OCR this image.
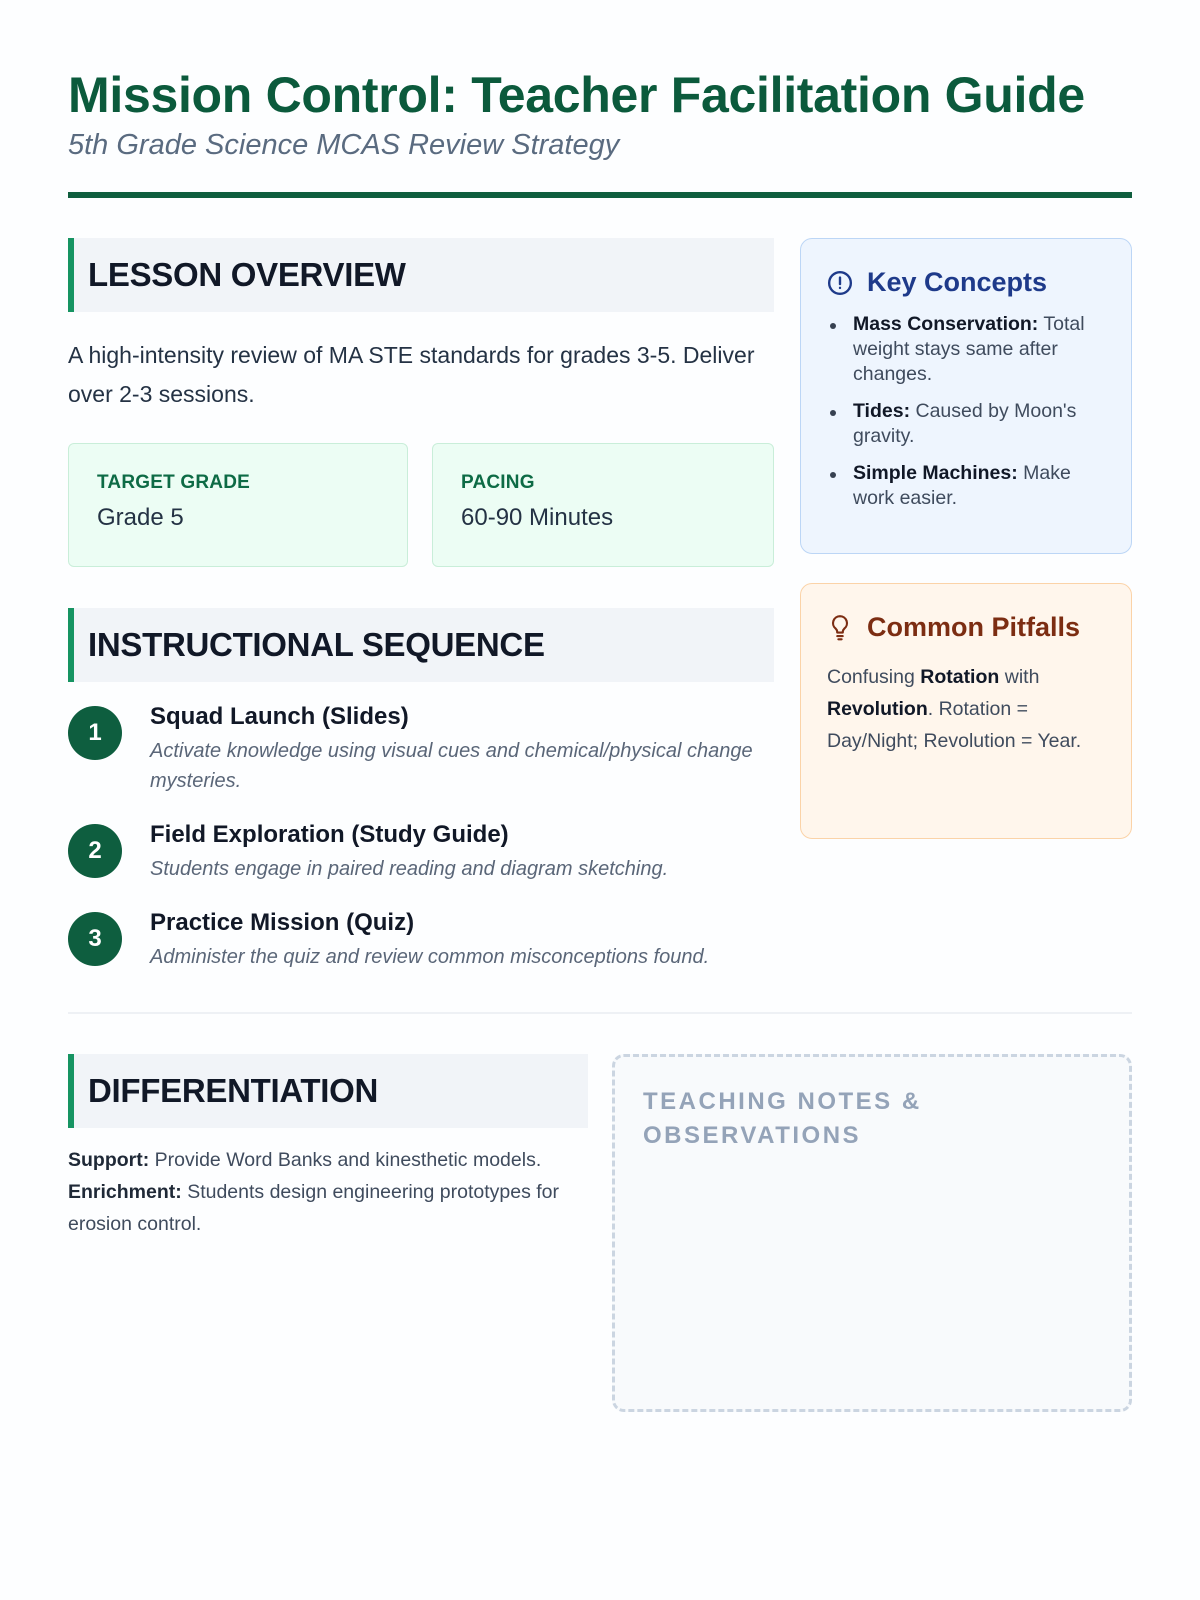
Mission Control: Teacher Facilitation Guide
5th Grade Science MCAS Review Strategy
LESSON OVERVIEW

A high-intensity review of MA STE standards for grades 3-5. Deliver over 2-3 sessions.

TARGET GRADE
Grade 5
PACING
60-90 Minutes
INSTRUCTIONAL SEQUENCE
1
Squad Launch (Slides)
Activate knowledge using visual cues and chemical/physical change mysteries.
2
Field Exploration (Study Guide)
Students engage in paired reading and diagram sketching.
3
Practice Mission (Quiz)
Administer the quiz and review common misconceptions found.
Key Concepts
Mass Conservation: Total weight stays same after changes.
Tides: Caused by Moon's gravity.
Simple Machines: Make work easier.
Common Pitfalls

Confusing Rotation with Revolution. Rotation = Day/Night; Revolution = Year.

DIFFERENTIATION

Support: Provide Word Banks and kinesthetic models.
Enrichment: Students design engineering prototypes for erosion control.

TEACHING NOTES & OBSERVATIONS
